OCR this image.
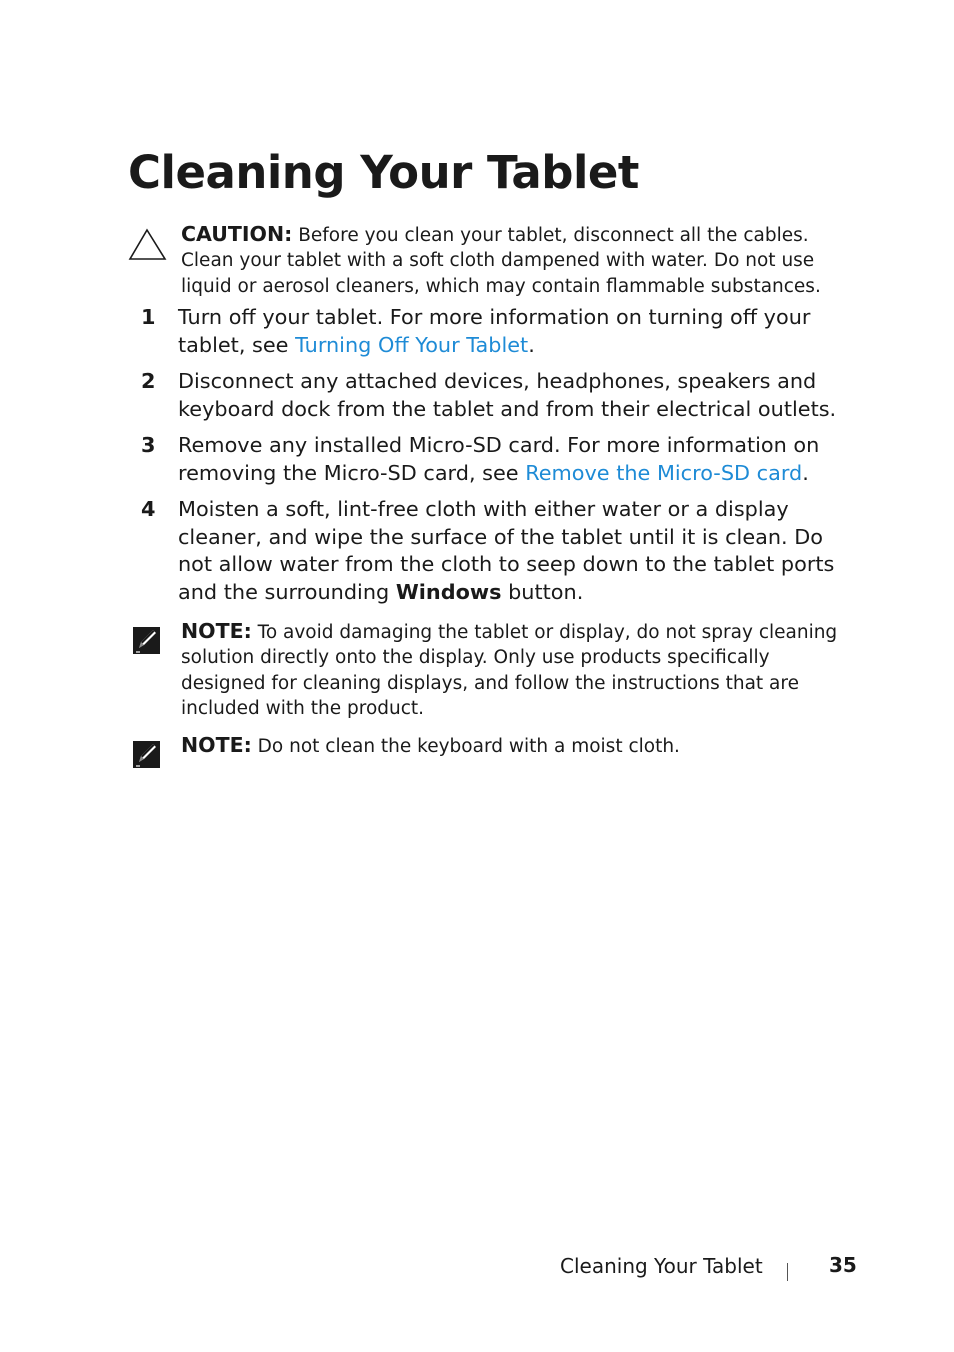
Cleaning Your Tablet
CAUTION: Before you clean your tablet, disconnect all the cables. Clean your tablet with a soft cloth dampened with water. Do not use liquid or aerosol cleaners, which may contain flammable substances.
1 Turn off your tablet. For more information on turning off your tablet, see Turning Off Your Tablet.
2 Disconnect any attached devices, headphones, speakers and keyboard dock from the tablet and from their electrical outlets.
3 Remove any installed Micro-SD card. For more information on removing the Micro-SD card, see Remove the Micro-SD card.
4 Moisten a soft, lint-free cloth with either water or a display cleaner, and wipe the surface of the tablet until it is clean. Do not allow water from the cloth to seep down to the tablet ports and the surrounding Windows button.
NOTE: To avoid damaging the tablet or display, do not spray cleaning solution directly onto the display. Only use products specifically designed for cleaning displays, and follow the instructions that are included with the product.
NOTE: Do not clean the keyboard with a moist cloth.
Cleaning Your Tablet	35
